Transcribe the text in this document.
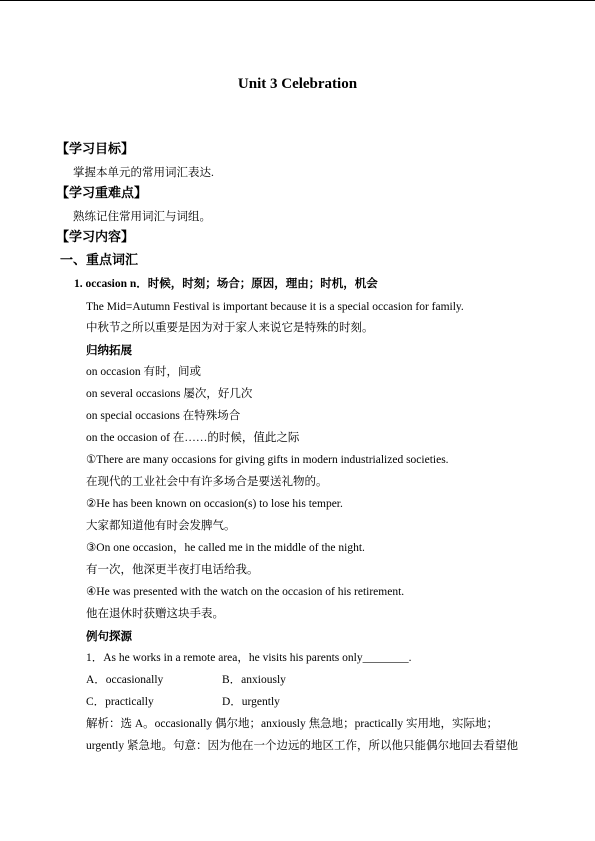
Unit 3 Celebration
【学习目标】
掌握本单元的常用词汇表达.
【学习重难点】
熟练记住常用词汇与词组。
【学习内容】
一、重点词汇
1. occasion n．时候，时刻；场合；原因，理由；时机，机会
The Mid=Autumn Festival is important because it is a special occasion for family.
中秋节之所以重要是因为对于家人来说它是特殊的时刻。
归纳拓展
on occasion 有时，间或
on several occasions 屡次，好几次
on special occasions 在特殊场合
on the occasion of 在……的时候，值此之际
①There are many occasions for giving gifts in modern industrialized societies.
在现代的工业社会中有许多场合是要送礼物的。
②He has been known on occasion(s) to lose his temper.
大家都知道他有时会发脾气。
③On one occasion，he called me in the middle of the night.
有一次，他深更半夜打电话给我。
④He was presented with the watch on the occasion of his retirement.
他在退休时获赠这块手表。
例句探源
1．As he works in a remote area，he visits his parents only________.
A．occasionally	B．anxiously
C．practically	D．urgently
解析：选 A。occasionally 偶尔地；anxiously 焦急地；practically 实用地，实际地；
urgently 紧急地。句意：因为他在一个边远的地区工作，所以他只能偶尔地回去看望他
